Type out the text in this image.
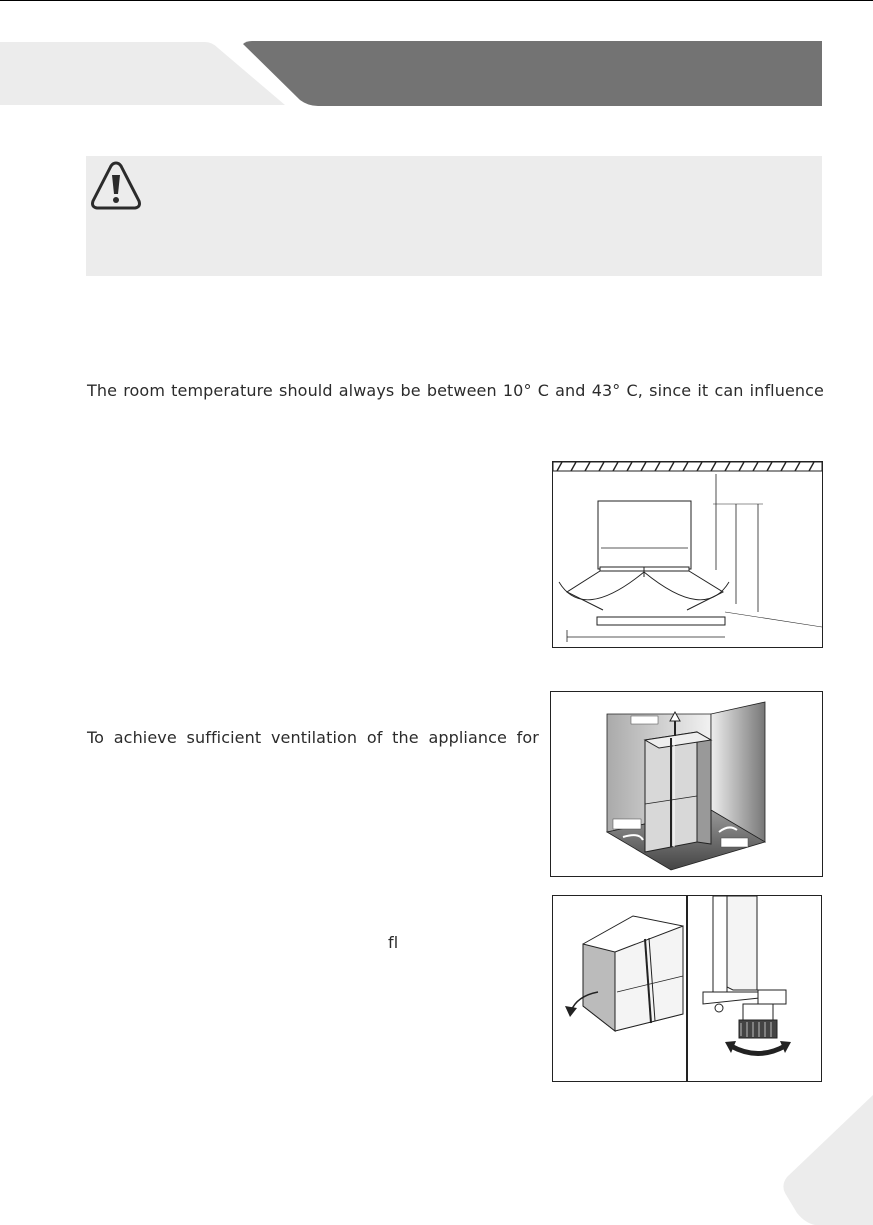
The room temperature should always be between 10° C and 43° C, since it can influence
To achieve sufficient ventilation of the appliance for
fl
